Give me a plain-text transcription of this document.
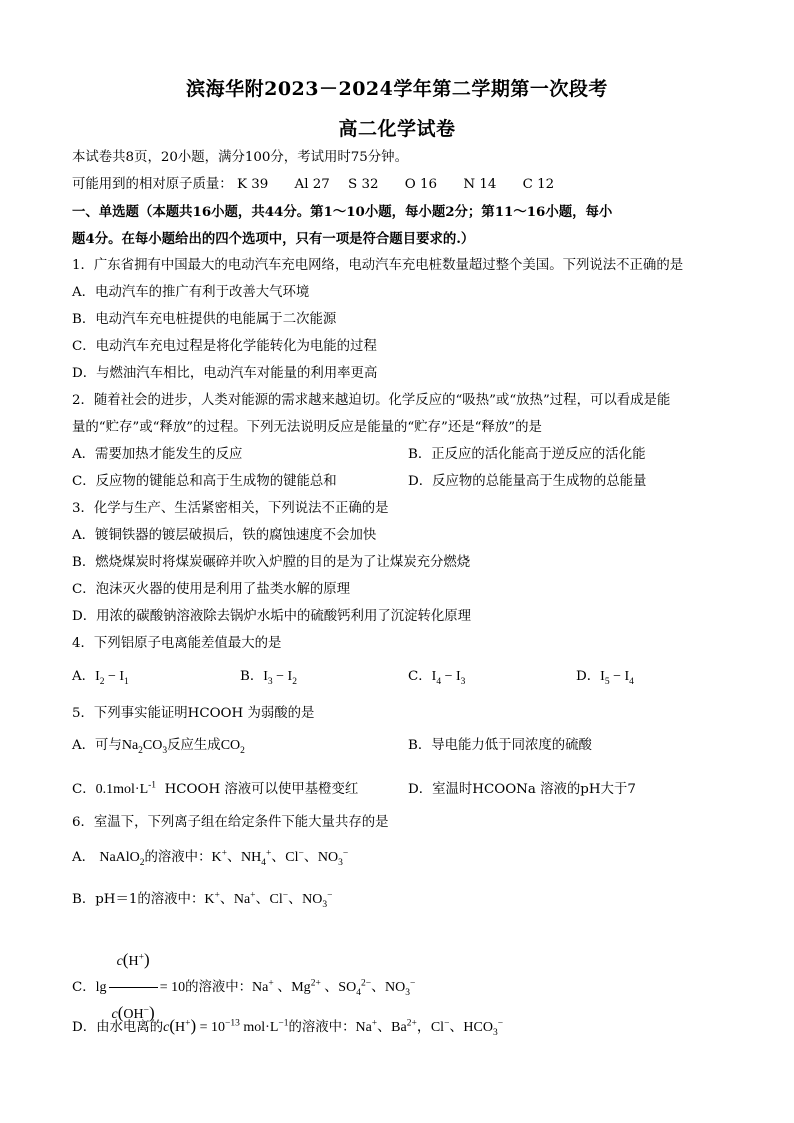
滨海华附2023－2024学年第二学期第一次段考
高二化学试卷
本试卷共8页，20小题，满分100分，考试用时75分钟。
可能用到的相对原子质量： K 39 Al 27 S 32 O 16 N 14 C 12
一、单选题（本题共16小题，共44分。第1～10小题，每小题2分；第11～16小题，每小
题4分。在每小题给出的四个选项中，只有一项是符合题目要求的.）
1．广东省拥有中国最大的电动汽车充电网络，电动汽车充电桩数量超过整个美国。下列说法不正确的是
A．电动汽车的推广有利于改善大气环境
B．电动汽车充电桩提供的电能属于二次能源
C．电动汽车充电过程是将化学能转化为电能的过程
D．与燃油汽车相比，电动汽车对能量的利用率更高
2．随着社会的进步，人类对能源的需求越来越迫切。化学反应的“吸热”或“放热”过程，可以看成是能
量的“贮存”或“释放”的过程。下列无法说明反应是能量的“贮存”还是“释放”的是
A．需要加热才能发生的反应	B．正反应的活化能高于逆反应的活化能
C．反应物的键能总和高于生成物的键能总和	D．反应物的总能量高于生成物的总能量
3．化学与生产、生活紧密相关，下列说法不正确的是
A．镀铜铁器的镀层破损后，铁的腐蚀速度不会加快
B．燃烧煤炭时将煤炭碾碎并吹入炉膛的目的是为了让煤炭充分燃烧
C．泡沫灭火器的使用是利用了盐类水解的原理
D．用浓的碳酸钠溶液除去锅炉水垢中的硫酸钙利用了沉淀转化原理
4．下列铝原子电离能差值最大的是
A．$I_2 - I_1$	B．$I_3 - I_2$	C．$I_4 - I_3$	D．$I_5 - I_4$
5．下列事实能证明HCOOH 为弱酸的是
A．可与$Na_2CO_3$反应生成$CO_2$	B．导电能力低于同浓度的硫酸
C．$0.1mol\cdot L^{-1}$  HCOOH 溶液可以使甲基橙变红	D．室温时HCOONa 溶液的pH大于7
6．室温下，下列离子组在给定条件下能大量共存的是
A． NaAlO$_2$的溶液中：K+、$NH_4^+$、Cl−、$NO_3^-$
B．pH＝1的溶液中：K+、Na+、Cl−、$NO_3^-$
C．$\lg \frac{c(H^+)}{c(OH^-)} = 10$的溶液中：Na+ 、$Mg^{2+}$ 、$SO_4^{2-}$、$NO_3^-$
D．由水电离的$c(H^+) = 10^{-13}$ $mol\cdot L^{-1}$的溶液中：Na+、$Ba^{2+}$，Cl−、$HCO_3^-$
